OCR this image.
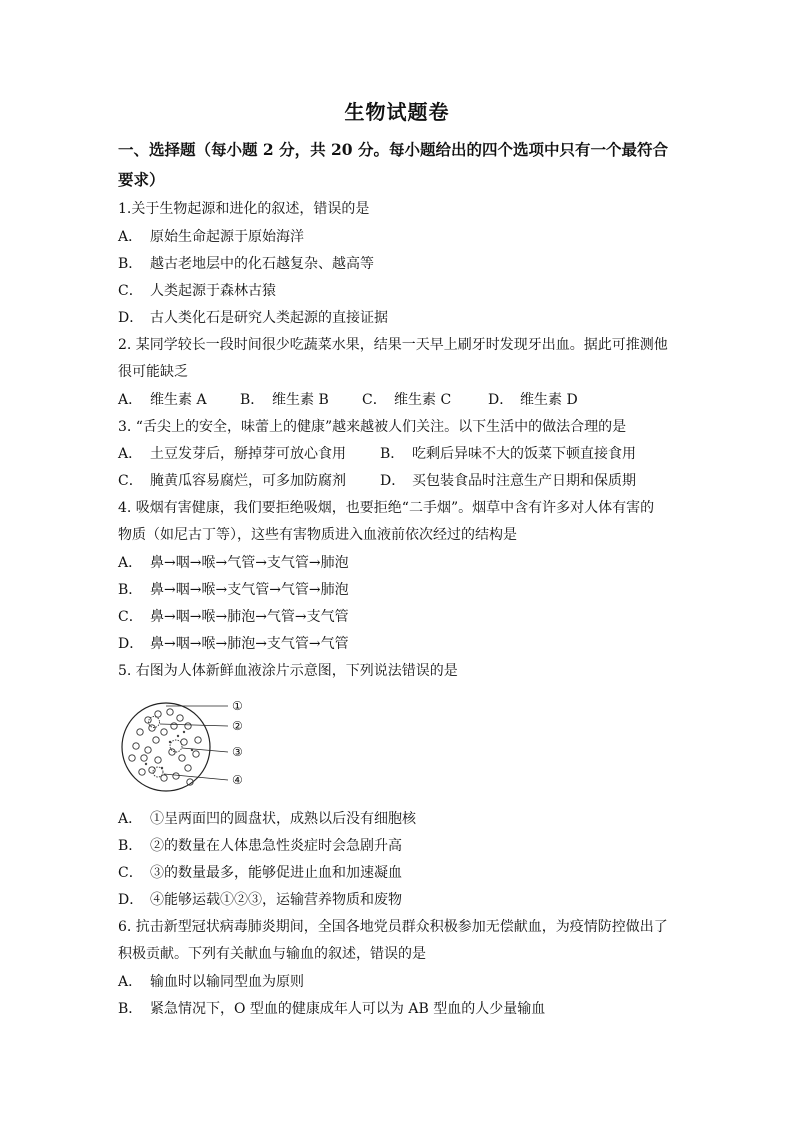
生物试题卷
一、选择题（每小题 2 分，共 20 分。每小题给出的四个选项中只有一个最符合
要求）
1.关于生物起源和进化的叙述，错误的是
A． 原始生命起源于原始海洋
B． 越古老地层中的化石越复杂、越高等
C． 人类起源于森林古猿
D． 古人类化石是研究人类起源的直接证据
2. 某同学较长一段时间很少吃蔬菜水果，结果一天早上刷牙时发现牙出血。据此可推测他
很可能缺乏
A． 维生素 A B． 维生素 B C． 维生素 C	D． 维生素 D
3. “舌尖上的安全，味蕾上的健康”越来越被人们关注。以下生活中的做法合理的是
A． 土豆发芽后，掰掉芽可放心食用 B． 吃剩后异味不大的饭菜下顿直接食用
C． 腌黄瓜容易腐烂，可多加防腐剂 D． 买包装食品时注意生产日期和保质期
4. 吸烟有害健康，我们要拒绝吸烟，也要拒绝“二手烟”。烟草中含有许多对人体有害的
物质（如尼古丁等），这些有害物质进入血液前依次经过的结构是
A． 鼻→咽→喉→气管→支气管→肺泡
B． 鼻→咽→喉→支气管→气管→肺泡
C． 鼻→咽→喉→肺泡→气管→支气管
D． 鼻→咽→喉→肺泡→支气管→气管
5. 右图为人体新鲜血液涂片示意图，下列说法错误的是
①
②
③
④
A． ①呈两面凹的圆盘状，成熟以后没有细胞核
B． ②的数量在人体患急性炎症时会急剧升高
C． ③的数量最多，能够促进止血和加速凝血
D． ④能够运载①②③，运输营养物质和废物
6. 抗击新型冠状病毒肺炎期间，全国各地党员群众积极参加无偿献血，为疫情防控做出了
积极贡献。下列有关献血与输血的叙述，错误的是
A． 输血时以输同型血为原则
B． 紧急情况下，O 型血的健康成年人可以为 AB 型血的人少量输血
